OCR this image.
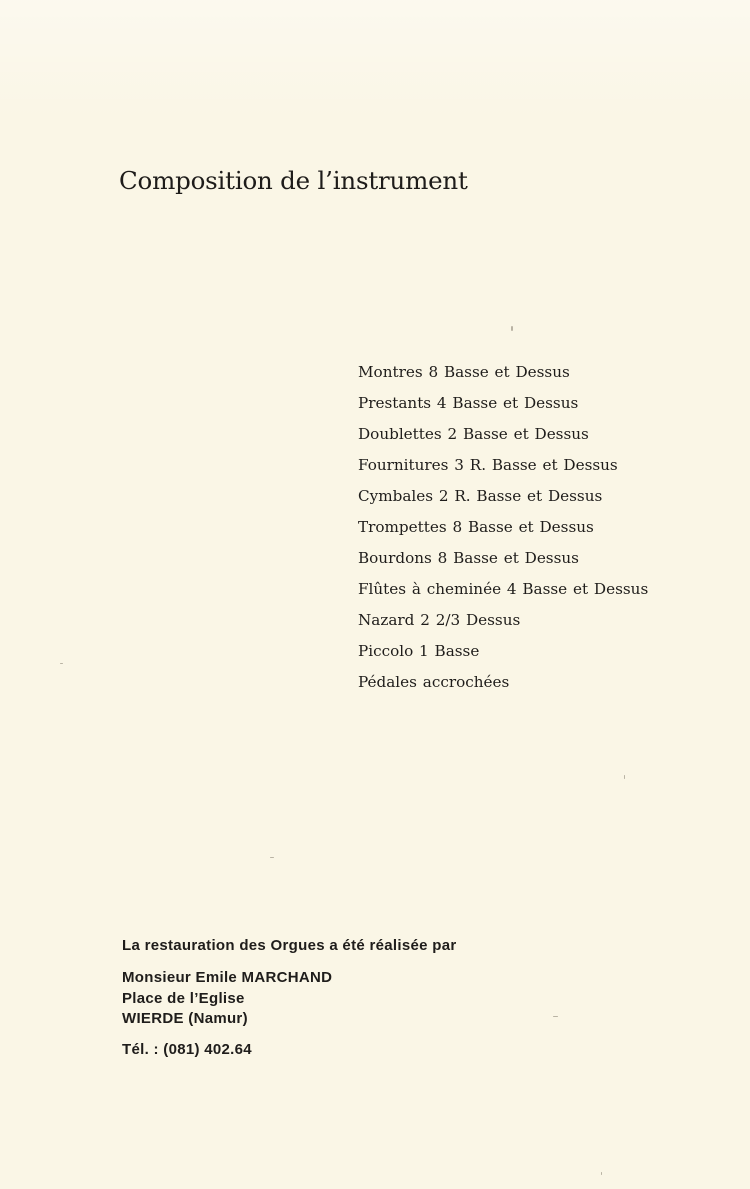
Composition de l’instrument
Montres 8 Basse et Dessus
Prestants 4 Basse et Dessus
Doublettes 2 Basse et Dessus
Fournitures 3 R. Basse et Dessus
Cymbales 2 R. Basse et Dessus
Trompettes 8 Basse et Dessus
Bourdons 8 Basse et Dessus
Flûtes à cheminée 4 Basse et Dessus
Nazard 2 2/3 Dessus
Piccolo 1 Basse
Pédales accrochées
La restauration des Orgues a été réalisée par
Monsieur Emile MARCHAND
Place de l’Eglise
WIERDE (Namur)
Tél. : (081) 402.64
